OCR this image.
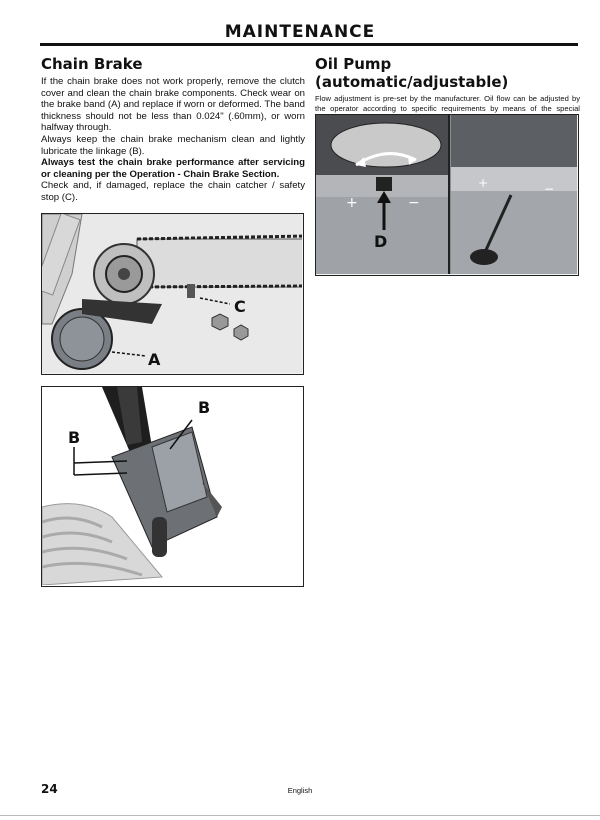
MAINTENANCE
Chain Brake

If the chain brake does not work properly, remove the clutch cover and clean the chain brake components. Check wear on the brake band (A) and replace if worn or deformed. The band thickness should not be less than 0.024" (.60mm), or worn halfway through.

Always keep the chain brake mechanism clean and lightly lubricate the linkage (B).

Always test the chain brake performance after servicing or cleaning per the Operation - Chain Brake Section.

Check and, if damaged, replace the chain catcher / safety stop (C).

C
A
B
B
Oil Pump (automatic/adjustable)

Flow adjustment is pre-set by the manufacturer. Oil flow can be adjusted by the operator according to specific requirements by means of the special

+	−
D
+	−
24	English
